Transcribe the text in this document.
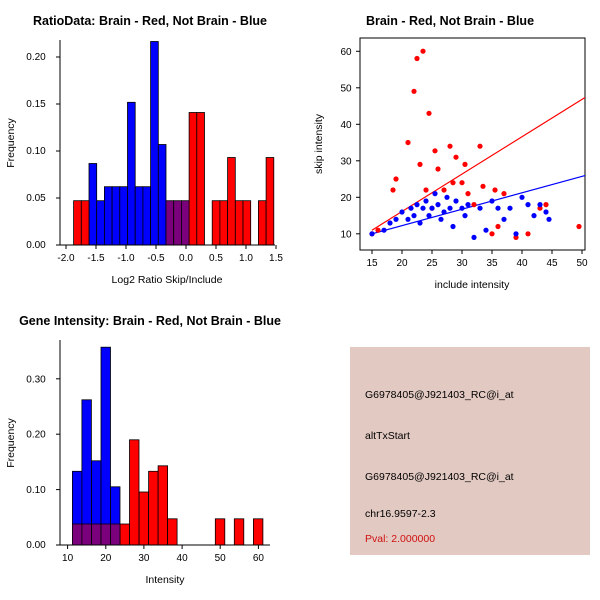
RatioData: Brain - Red, Not Brain - Blue
-2.0 -1.5 -1.0 -0.5 0.0 0.5 1.0 1.5
0.00
0.05
0.10
0.15
0.20
Log2 Ratio Skip/Include
Frequency
Brain - Red, Not Brain - Blue
15 20 25 30 35 40 45 50
10
20
30
40
50
60
include intensity
skip intensity
Gene Intensity: Brain - Red, Not Brain - Blue
10	20	30	40	50	60
0.00
0.10
0.20
0.30
Intensity
Frequency
G6978405@J921403_RC@i_at
altTxStart
G6978405@J921403_RC@i_at
chr16.9597-2.3
Pval: 2.000000
